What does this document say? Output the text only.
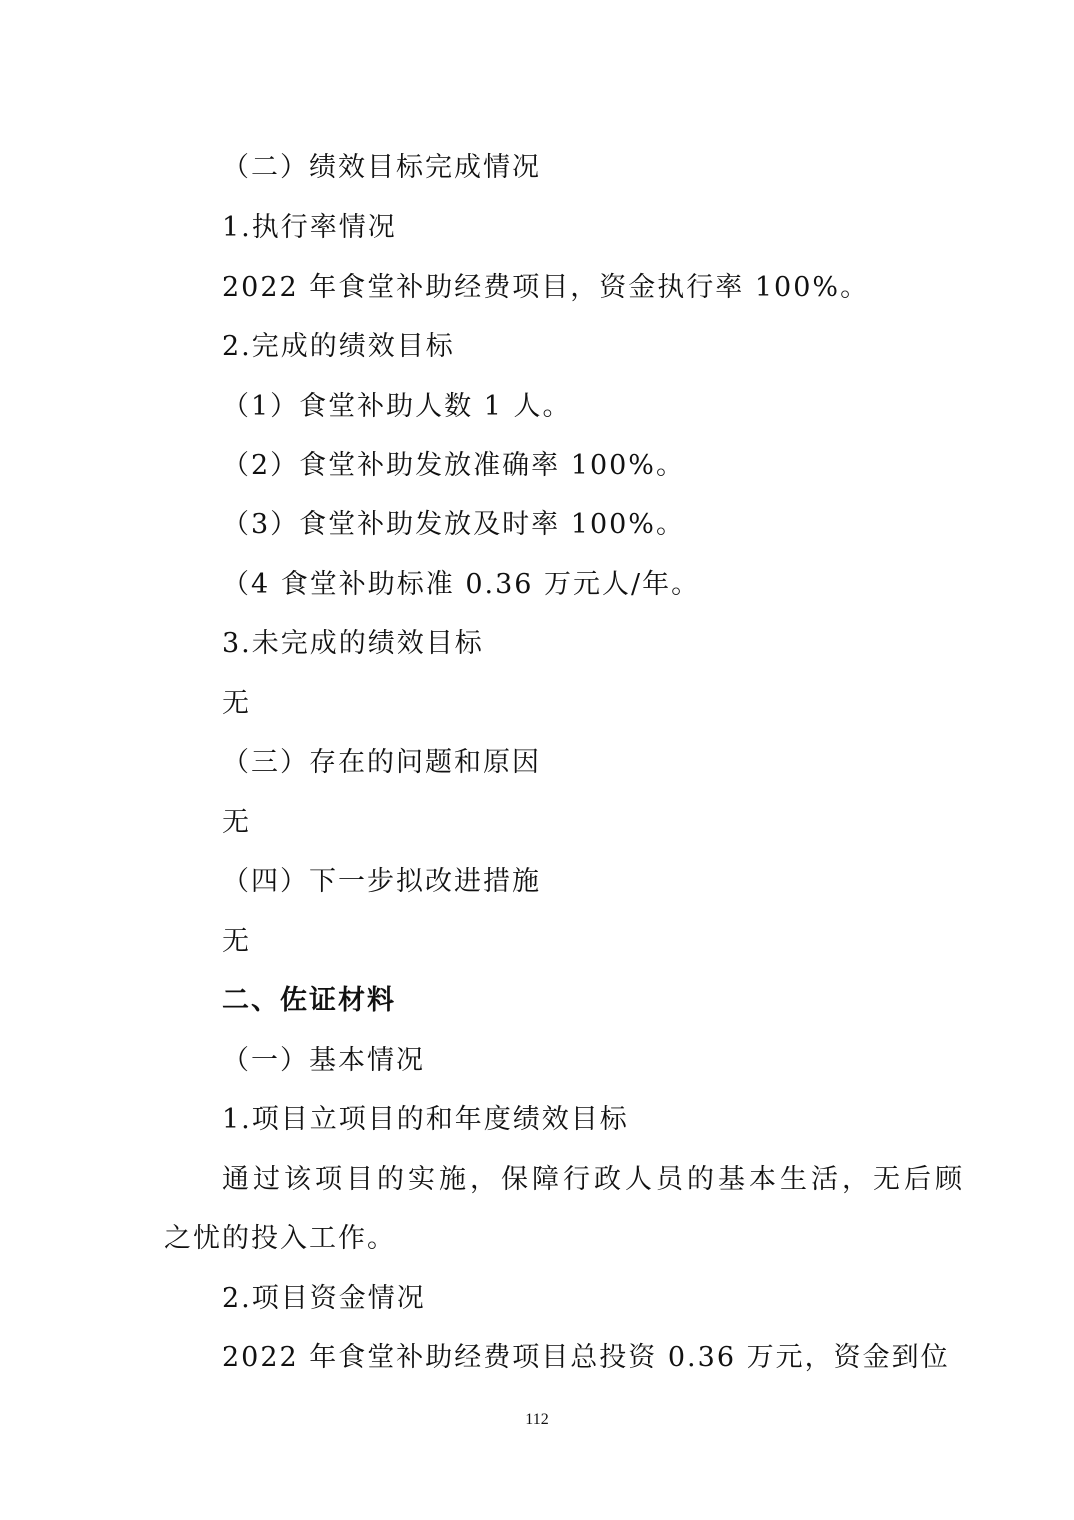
（二）绩效目标完成情况
1.执行率情况
2022 年食堂补助经费项目，资金执行率 100%。
2.完成的绩效目标
（1）食堂补助人数 1 人。
（2）食堂补助发放准确率 100%。
（3）食堂补助发放及时率 100%。
（4 食堂补助标准 0.36 万元人/年。
3.未完成的绩效目标
无
（三）存在的问题和原因
无
（四）下一步拟改进措施
无
二、佐证材料
（一）基本情况
1.项目立项目的和年度绩效目标
通过该项目的实施，保障行政人员的基本生活，无后顾
之忧的投入工作。
2.项目资金情况
2022 年食堂补助经费项目总投资 0.36 万元，资金到位
112
